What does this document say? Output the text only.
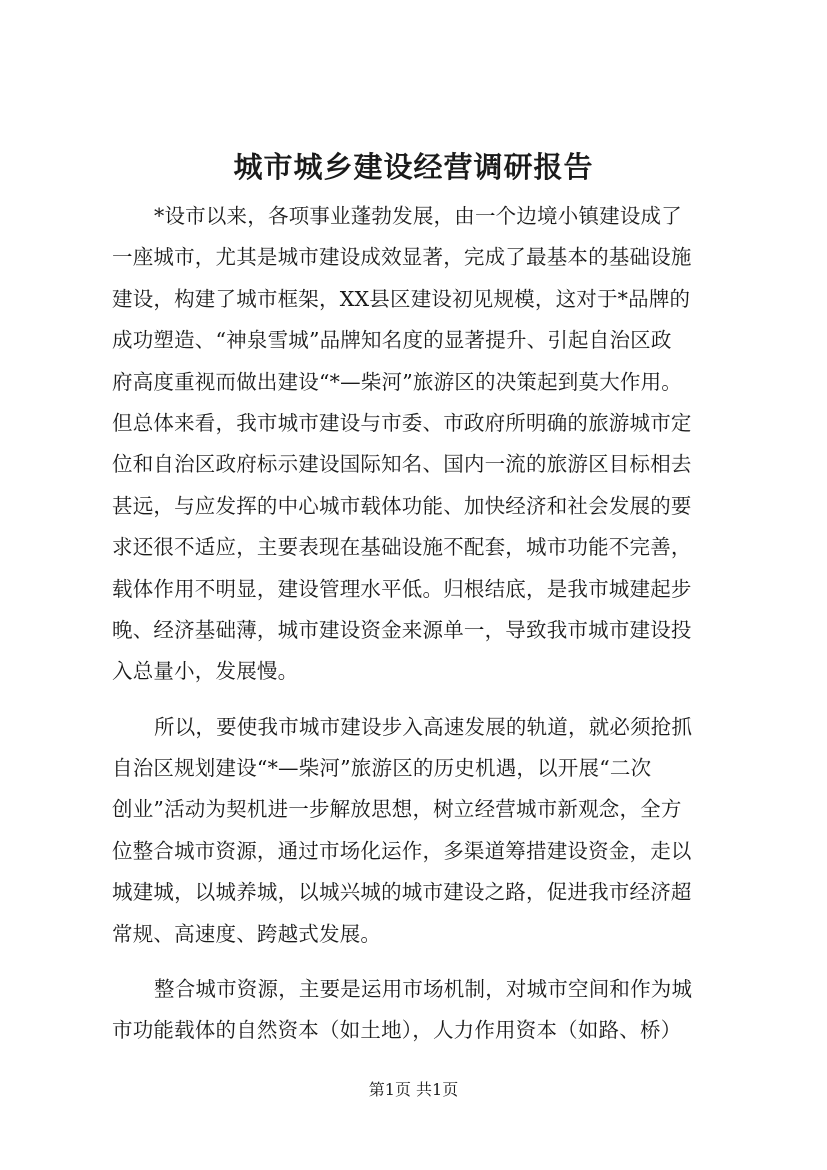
城市城乡建设经营调研报告
*设市以来，各项事业蓬勃发展，由一个边境小镇建设成了
一座城市，尤其是城市建设成效显著，完成了最基本的基础设施
建设，构建了城市框架，XX县区建设初见规模，这对于*品牌的
成功塑造、“神泉雪城”品牌知名度的显著提升、引起自治区政
府高度重视而做出建设“*—柴河”旅游区的决策起到莫大作用。
但总体来看，我市城市建设与市委、市政府所明确的旅游城市定
位和自治区政府标示建设国际知名、国内一流的旅游区目标相去
甚远，与应发挥的中心城市载体功能、加快经济和社会发展的要
求还很不适应，主要表现在基础设施不配套，城市功能不完善，
载体作用不明显，建设管理水平低。归根结底，是我市城建起步
晚、经济基础薄，城市建设资金来源单一，导致我市城市建设投
入总量小，发展慢。
所以，要使我市城市建设步入高速发展的轨道，就必须抢抓
自治区规划建设“*—柴河”旅游区的历史机遇，以开展“二次
创业”活动为契机进一步解放思想，树立经营城市新观念，全方
位整合城市资源，通过市场化运作，多渠道筹措建设资金，走以
城建城，以城养城，以城兴城的城市建设之路，促进我市经济超
常规、高速度、跨越式发展。
整合城市资源，主要是运用市场机制，对城市空间和作为城
市功能载体的自然资本（如土地），人力作用资本（如路、桥）
第1页 共1页
